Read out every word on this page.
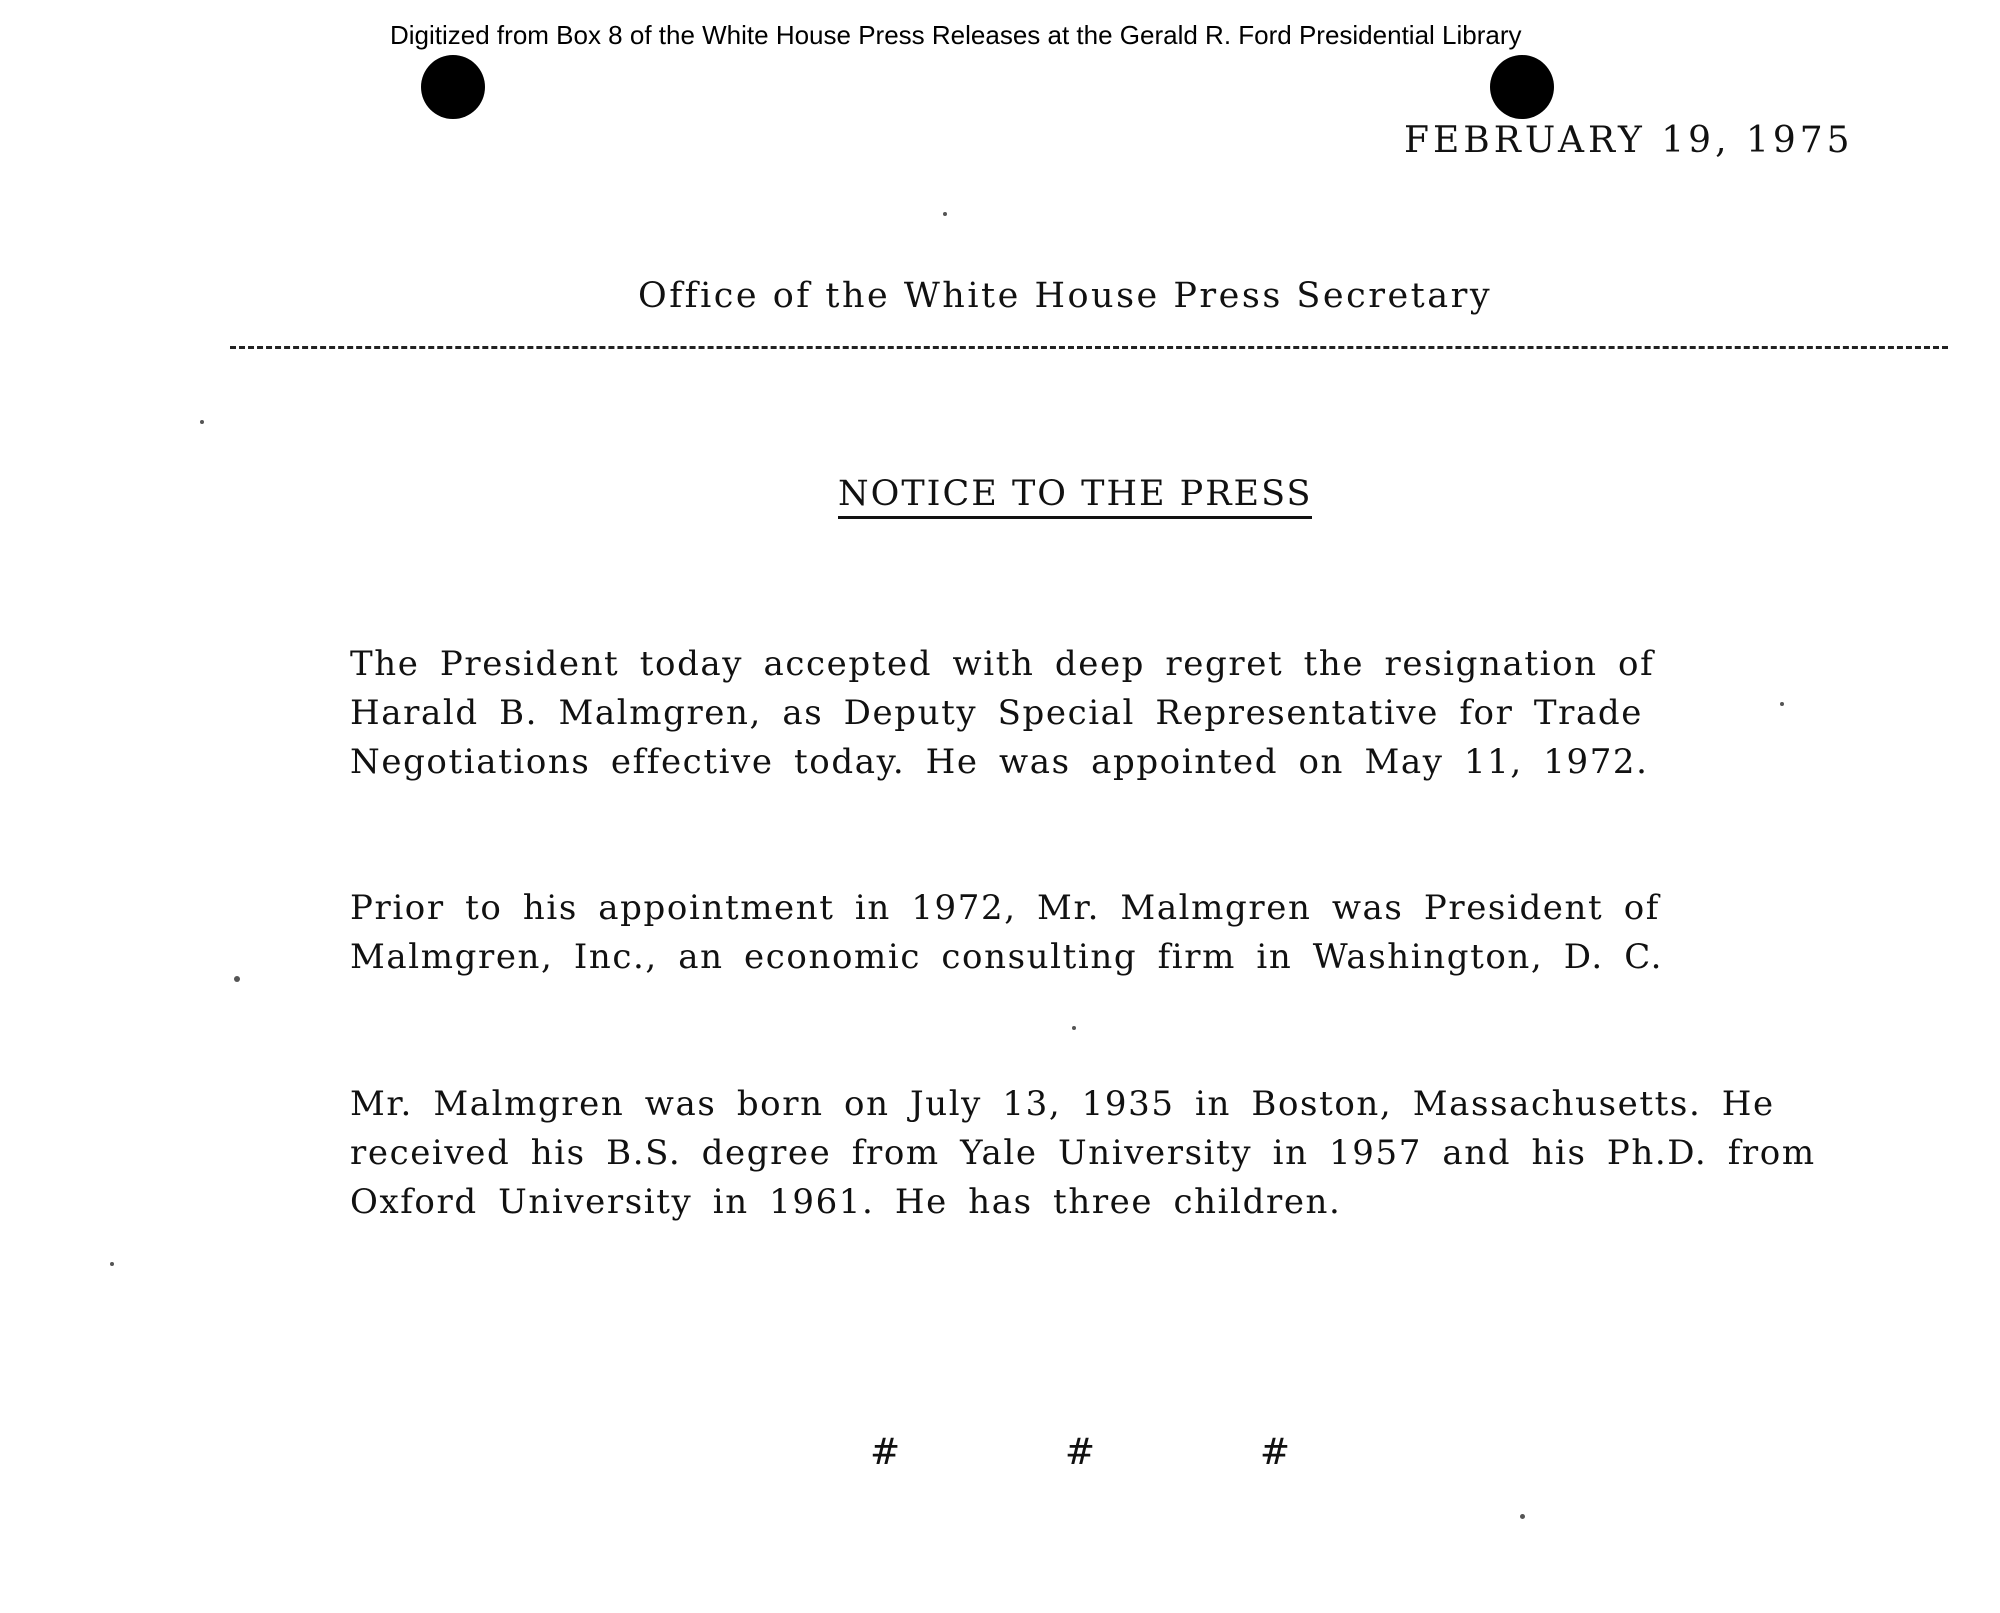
Digitized from Box 8 of the White House Press Releases at the Gerald R. Ford Presidential Library
FEBRUARY 19, 1975
Office of the White House Press Secretary
NOTICE TO THE PRESS

The President today accepted with deep regret the resignation of Harald B. Malmgren, as Deputy Special Representative for Trade Negotiations effective today. He was appointed on May 11, 1972.

Prior to his appointment in 1972, Mr. Malmgren was President of Malmgren, Inc., an economic consulting firm in Washington, D. C.

Mr. Malmgren was born on July 13, 1935 in Boston, Massachusetts. He received his B.S. degree from Yale University in 1957 and his Ph.D. from Oxford University in 1961. He has three children.

#	#	#
